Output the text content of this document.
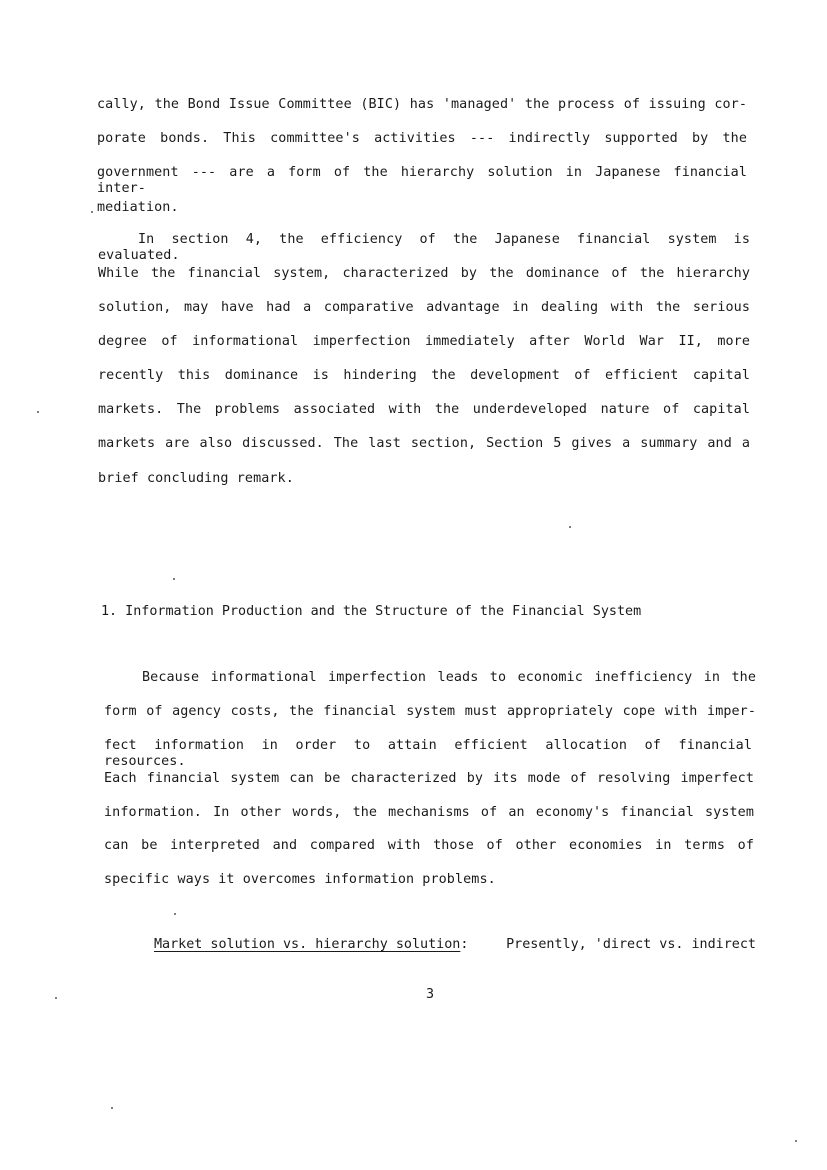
cally, the Bond Issue Committee (BIC) has 'managed' the process of issuing cor-
porate bonds. This committee's activities --- indirectly supported by the
government --- are a form of the hierarchy solution in Japanese financial inter-
mediation.
In section 4, the efficiency of the Japanese financial system is evaluated.
While the financial system, characterized by the dominance of the hierarchy
solution, may have had a comparative advantage in dealing with the serious
degree of informational imperfection immediately after World War II, more
recently this dominance is hindering the development of efficient capital
markets. The problems associated with the underdeveloped nature of capital
markets are also discussed. The last section, Section 5 gives a summary and a
brief concluding remark.
1. Information Production and the Structure of the Financial System
Because informational imperfection leads to economic inefficiency in the
form of agency costs, the financial system must appropriately cope with imper-
fect information in order to attain efficient allocation of financial resources.
Each financial system can be characterized by its mode of resolving imperfect
information. In other words, the mechanisms of an economy's financial system
can be interpreted and compared with those of other economies in terms of
specific ways it overcomes information problems.
Market solution vs. hierarchy solution:	Presently, 'direct vs. indirect
3
